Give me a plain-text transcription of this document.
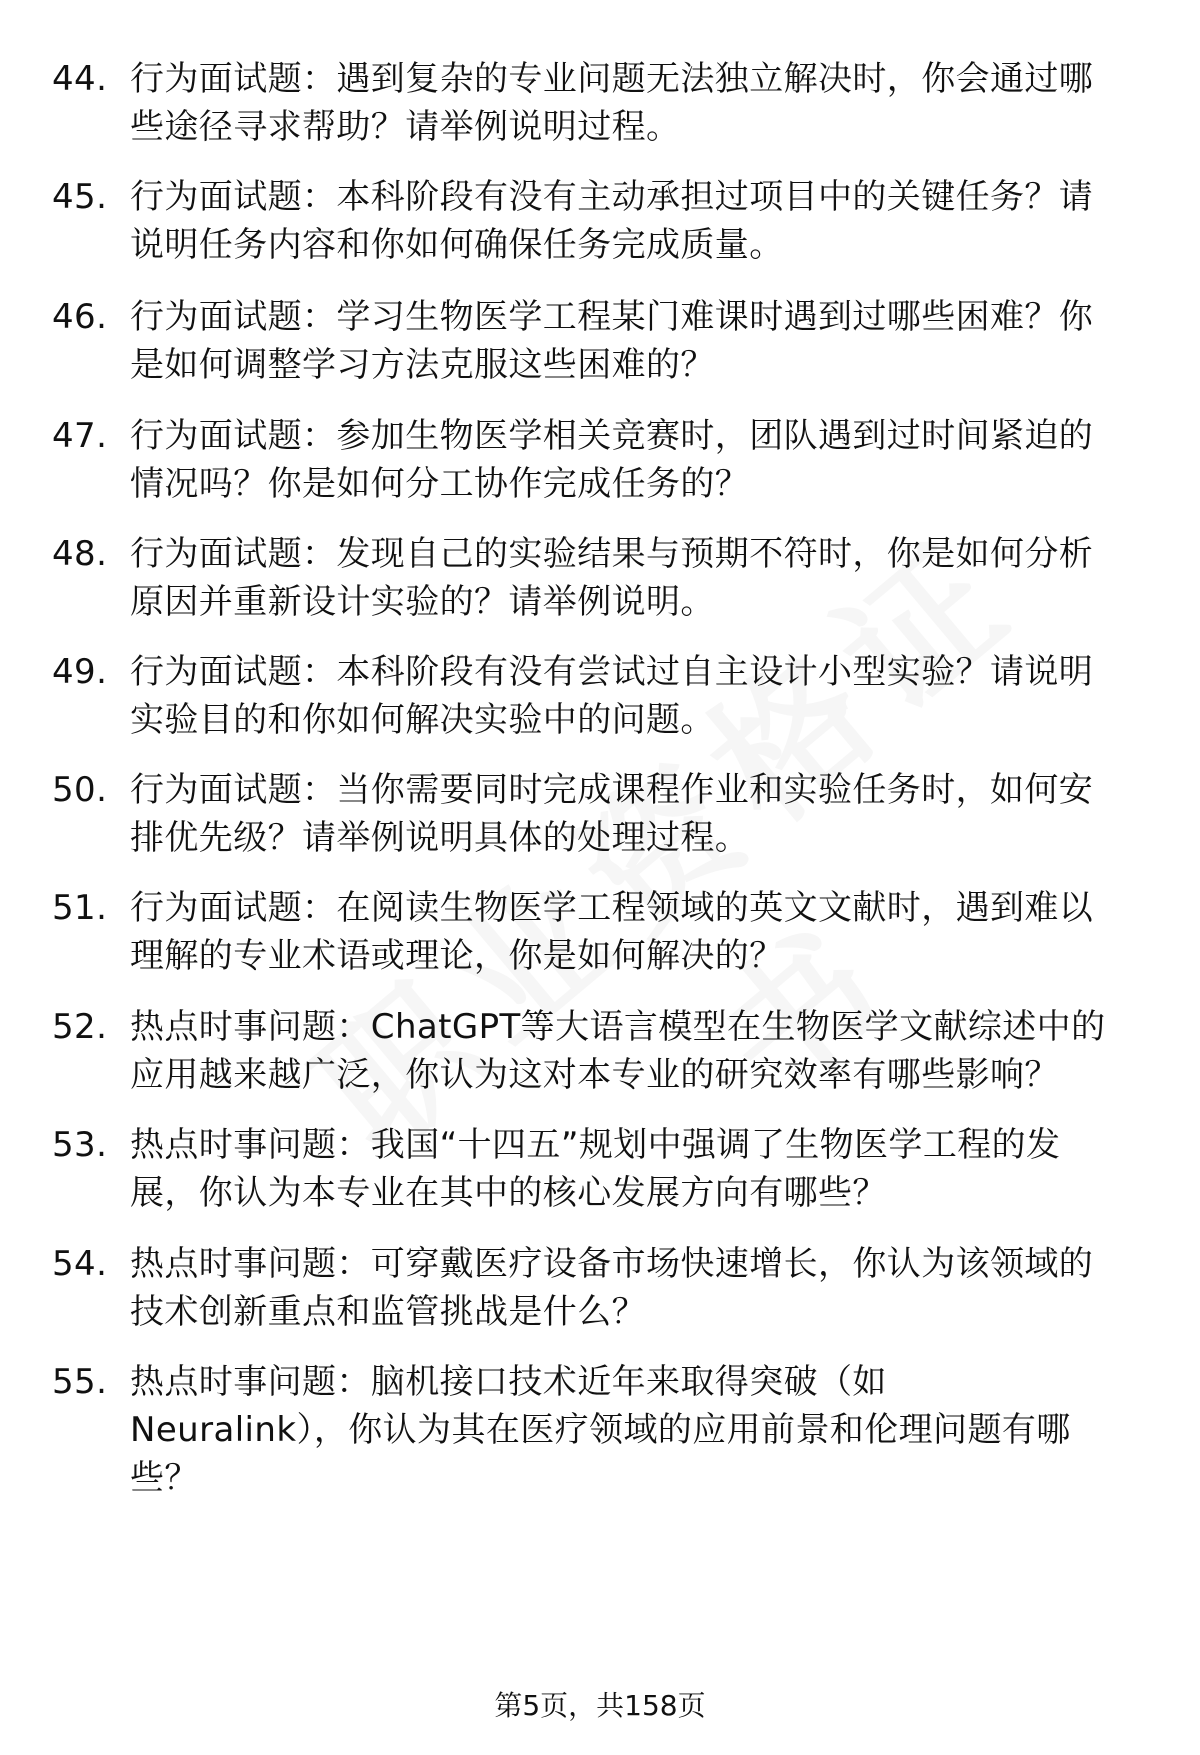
44. 行为面试题：遇到复杂的专业问题无法独立解决时，你会通过哪
些途径寻求帮助？请举例说明过程。
45. 行为面试题：本科阶段有没有主动承担过项目中的关键任务？请
说明任务内容和你如何确保任务完成质量。
46. 行为面试题：学习生物医学工程某门难课时遇到过哪些困难？你
是如何调整学习方法克服这些困难的？
47. 行为面试题：参加生物医学相关竞赛时，团队遇到过时间紧迫的
情况吗？你是如何分工协作完成任务的？
48. 行为面试题：发现自己的实验结果与预期不符时，你是如何分析
原因并重新设计实验的？请举例说明。
49. 行为面试题：本科阶段有没有尝试过自主设计小型实验？请说明
实验目的和你如何解决实验中的问题。
50. 行为面试题：当你需要同时完成课程作业和实验任务时，如何安
排优先级？请举例说明具体的处理过程。
51. 行为面试题：在阅读生物医学工程领域的英文文献时，遇到难以
理解的专业术语或理论，你是如何解决的？
52. 热点时事问题：ChatGPT等大语言模型在生物医学文献综述中的
应用越来越广泛，你认为这对本专业的研究效率有哪些影响？
53. 热点时事问题：我国“十四五”规划中强调了生物医学工程的发
展，你认为本专业在其中的核心发展方向有哪些？
54. 热点时事问题：可穿戴医疗设备市场快速增长，你认为该领域的
技术创新重点和监管挑战是什么？
55. 热点时事问题：脑机接口技术近年来取得突破（如
Neuralink），你认为其在医疗领域的应用前景和伦理问题有哪
些？
第5页，共158页
